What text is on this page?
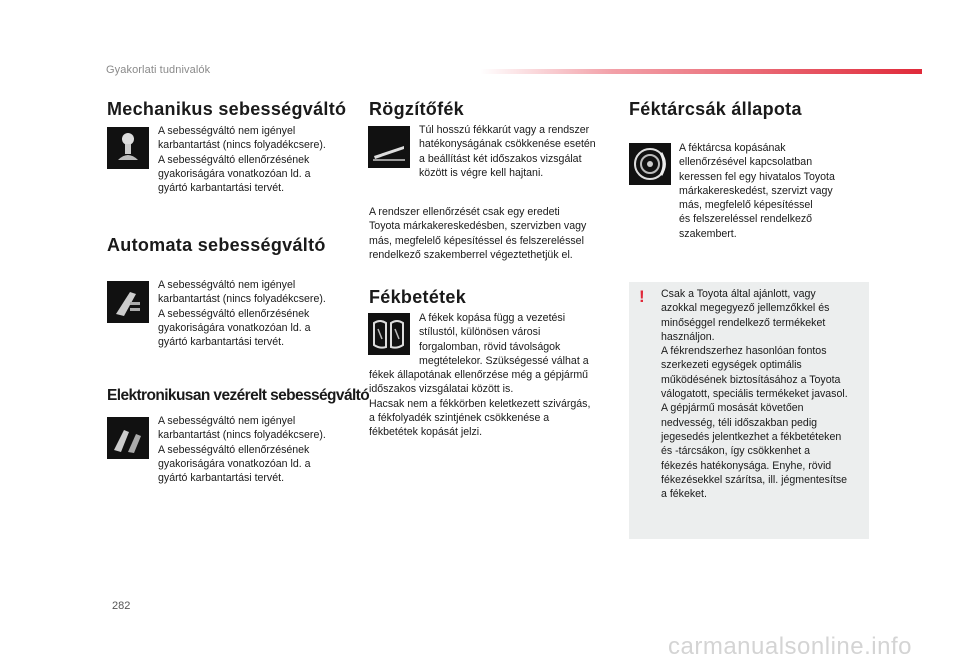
Gyakorlati tudnivalók
Mechanikus sebességváltó
A sebességváltó nem igényel
karbantartást (nincs folyadékcsere).
A sebességváltó ellenőrzésének
gyakoriságára vonatkozóan ld. a
gyártó karbantartási tervét.
Automata sebességváltó
A sebességváltó nem igényel
karbantartást (nincs folyadékcsere).
A sebességváltó ellenőrzésének
gyakoriságára vonatkozóan ld. a
gyártó karbantartási tervét.
Elektronikusan vezérelt sebességváltó
A sebességváltó nem igényel
karbantartást (nincs folyadékcsere).
A sebességváltó ellenőrzésének
gyakoriságára vonatkozóan ld. a
gyártó karbantartási tervét.
Rögzítőfék
Túl hosszú fékkarút vagy a rendszer
hatékonyságának csökkenése esetén
a beállítást két időszakos vizsgálat
között is végre kell hajtani.
A rendszer ellenőrzését csak egy eredeti
Toyota márkakereskedésben, szervizben vagy
más, megfelelő képesítéssel és felszereléssel
rendelkező szakemberrel végeztethetjük el.
Fékbetétek
A fékek kopása függ a vezetési
stílustól, különösen városi
forgalomban, rövid távolságok
megtételekor. Szükségessé válhat a
fékek állapotának ellenőrzése még a gépjármű
időszakos vizsgálatai között is.
Hacsak nem a fékkörben keletkezett szivárgás,
a fékfolyadék szintjének csökkenése a
fékbetétek kopását jelzi.
Féktárcsák állapota
A féktárcsa kopásának
ellenőrzésével kapcsolatban
keressen fel egy hivatalos Toyota
márkakereskedést, szervizt vagy
más, megfelelő képesítéssel
és felszereléssel rendelkező
szakembert.
! Csak a Toyota által ajánlott, vagy
azokkal megegyező jellemzőkkel és
minőséggel rendelkező termékeket
használjon.
A fékrendszerhez hasonlóan fontos
szerkezeti egységek optimális
működésének biztosításához a Toyota
válogatott, speciális termékeket javasol.
A gépjármű mosását követően
nedvesség, téli időszakban pedig
jegesedés jelentkezhet a fékbetéteken
és -tárcsákon, így csökkenhet a
fékezés hatékonysága. Enyhe, rövid
fékezésekkel szárítsa, ill. jégmentesítse
a fékeket.
282
carmanualsonline.info
